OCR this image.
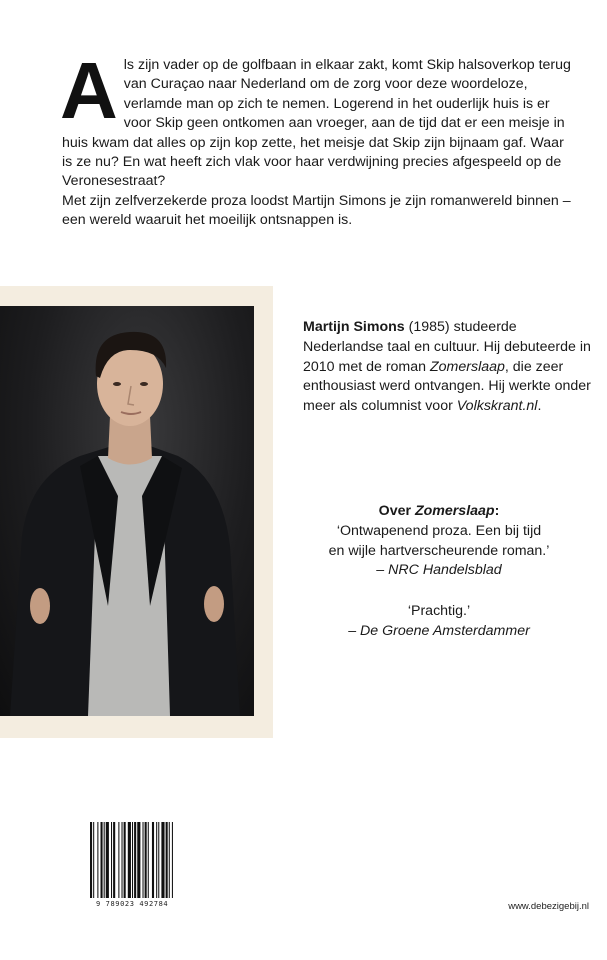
A ls zijn vader op de golfbaan in elkaar zakt, komt Skip halsoverkop terug van Curaçao naar Nederland om de zorg voor deze woordeloze, verlamde man op zich te nemen. Logerend in het ouderlijk huis is er voor Skip geen ontkomen aan vroeger, aan de tijd dat er een meisje in huis kwam dat alles op zijn kop zette, het meisje dat Skip zijn bijnaam gaf. Waar is ze nu? En wat heeft zich vlak voor haar verdwijning precies afgespeeld op de Veronesestraat?
Met zijn zelfverzekerde proza loodst Martijn Simons je zijn romanwereld binnen – een wereld waaruit het moeilijk ontsnappen is.

Martijn Simons (1985) studeerde Nederlandse taal en cultuur. Hij debuteerde in 2010 met de roman Zomerslaap, die zeer enthousiast werd ontvangen. Hij werkte onder meer als columnist voor Volkskrant.nl.

Over Zomerslaap:
‘Ontwapenend proza. Een bij tijd
en wijle hartverscheurende roman.’
– NRC Handelsblad
‘Prachtig.’
– De Groene Amsterdammer
9 789023 492784	www.debezigebij.nl
